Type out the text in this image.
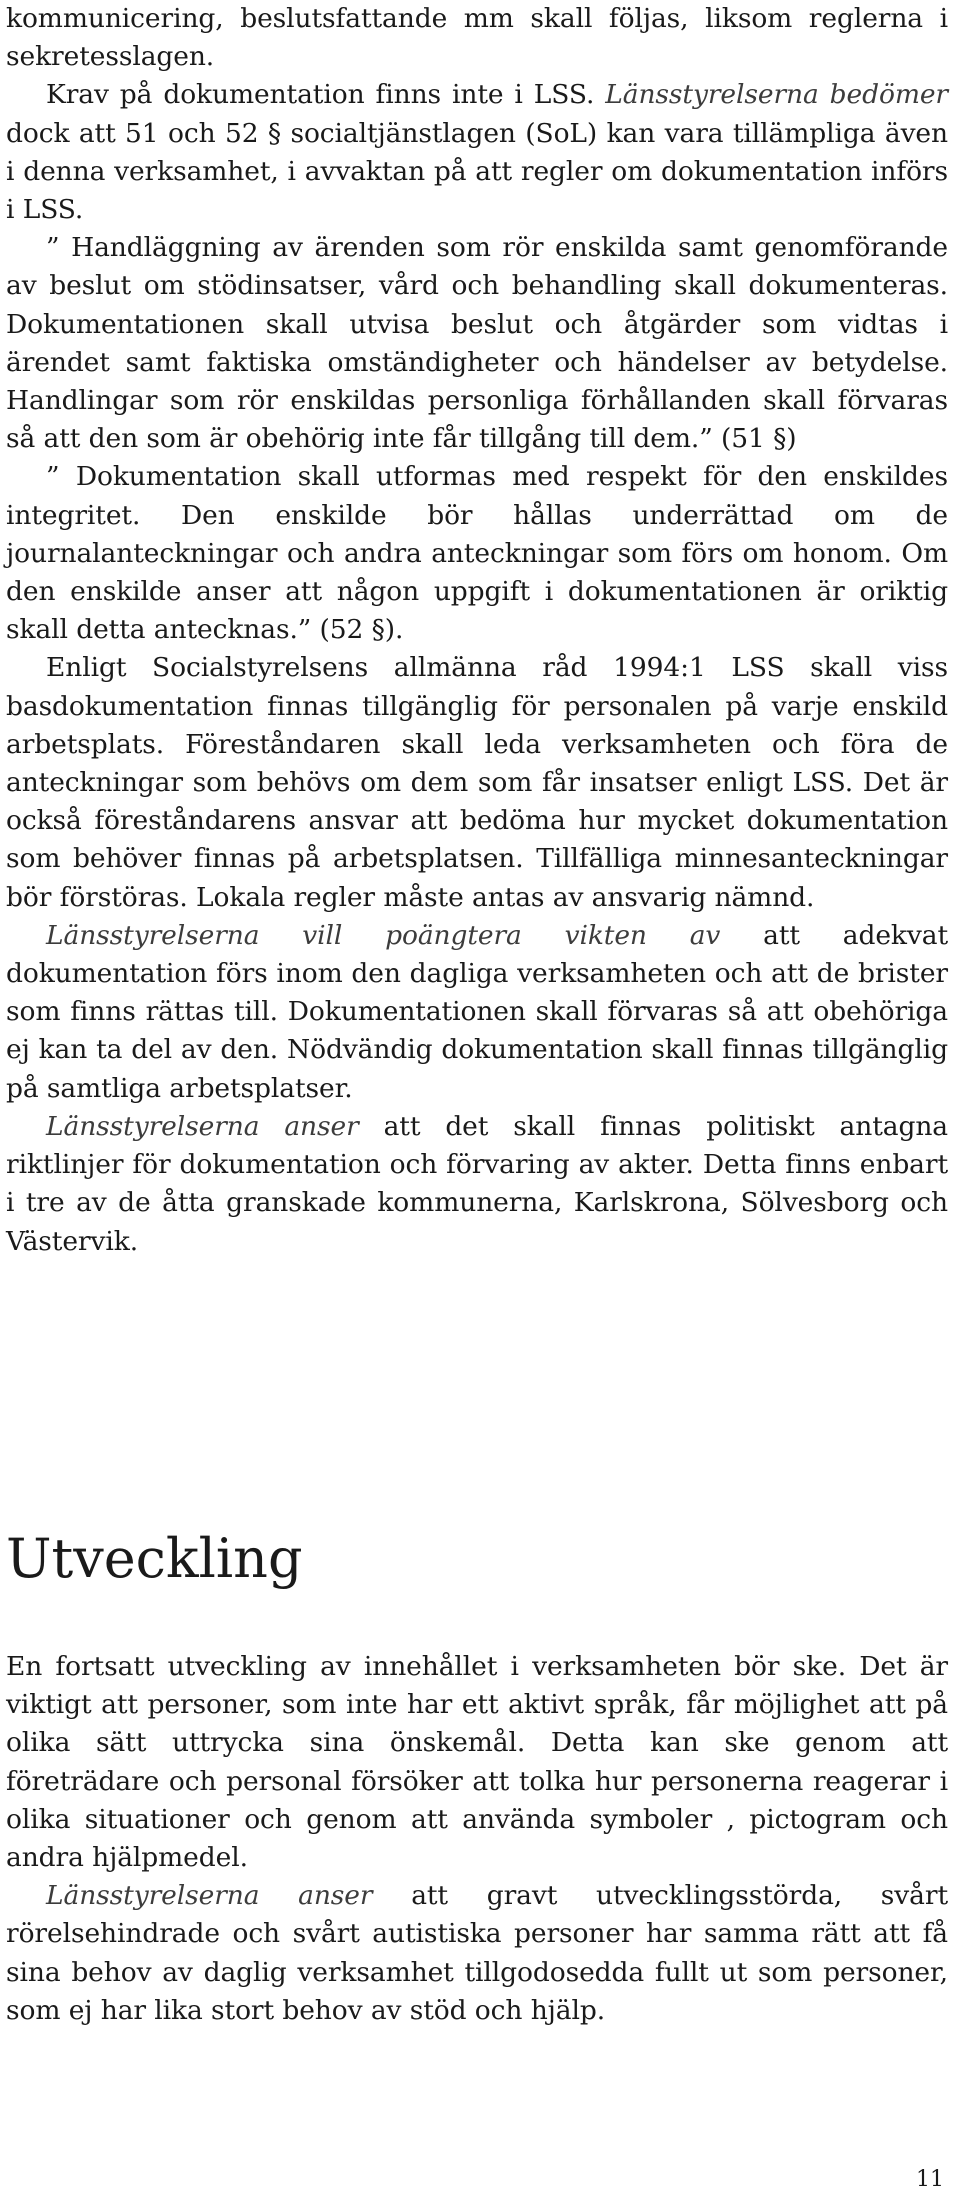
kommunicering, beslutsfattande mm skall följas, liksom reglerna i sekretesslagen.

Krav på dokumentation finns inte i LSS. Länsstyrelserna bedömer dock att 51 och 52 § socialtjänstlagen (SoL) kan vara tillämpliga även i denna verksamhet, i avvaktan på att regler om dokumentation införs i LSS.

” Handläggning av ärenden som rör enskilda samt genomförande av beslut om stödinsatser, vård och behandling skall dokumenteras. Dokumentationen skall utvisa beslut och åtgärder som vidtas i ärendet samt faktiska omständigheter och händelser av betydelse. Handlingar som rör enskildas personliga förhållanden skall förvaras så att den som är obehörig inte får tillgång till dem.” (51 §)

” Dokumentation skall utformas med respekt för den enskildes integritet. Den enskilde bör hållas underrättad om de journalanteckningar och andra anteckningar som förs om honom. Om den enskilde anser att någon uppgift i dokumentationen är oriktig skall detta antecknas.” (52 §).

Enligt Socialstyrelsens allmänna råd 1994:1 LSS skall viss basdokumentation finnas tillgänglig för personalen på varje enskild arbetsplats. Föreståndaren skall leda verksamheten och föra de anteckningar som behövs om dem som får insatser enligt LSS. Det är också föreståndarens ansvar att bedöma hur mycket dokumentation som behöver finnas på arbetsplatsen. Tillfälliga minnesanteckningar bör förstöras. Lokala regler måste antas av ansvarig nämnd.

Länsstyrelserna vill poängtera vikten av att adekvat dokumentation förs inom den dagliga verksamheten och att de brister som finns rättas till. Dokumentationen skall förvaras så att obehöriga ej kan ta del av den. Nödvändig dokumentation skall finnas tillgänglig på samtliga arbetsplatser.

Länsstyrelserna anser att det skall finnas politiskt antagna riktlinjer för dokumentation och förvaring av akter. Detta finns enbart i tre av de åtta granskade kommunerna, Karlskrona, Sölvesborg och Västervik.

Utveckling

En fortsatt utveckling av innehållet i verksamheten bör ske. Det är viktigt att personer, som inte har ett aktivt språk, får möjlighet att på olika sätt uttrycka sina önskemål. Detta kan ske genom att företrädare och personal försöker att tolka hur personerna reagerar i olika situationer och genom att använda symboler , pictogram och andra hjälpmedel.

Länsstyrelserna anser att gravt utvecklingsstörda, svårt rörelsehindrade och svårt autistiska personer har samma rätt att få sina behov av daglig verksamhet tillgodosedda fullt ut som personer, som ej har lika stort behov av stöd och hjälp.

11
